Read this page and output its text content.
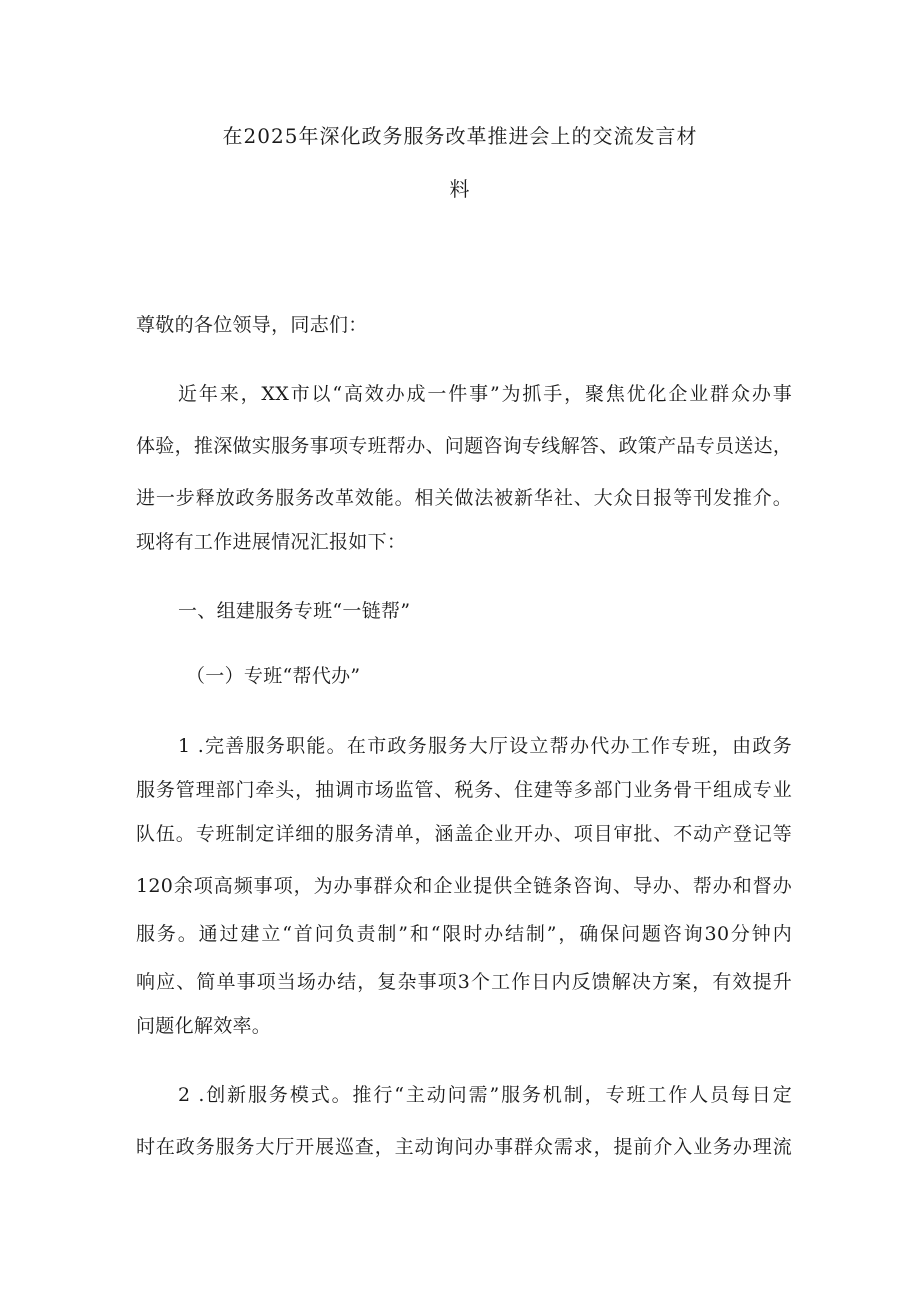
在2025年深化政务服务改革推进会上的交流发言材
料
尊敬的各位领导，同志们：
近年来，XX市以“高效办成一件事”为抓手，聚焦优化企业群众办事
体验，推深做实服务事项专班帮办、问题咨询专线解答、政策产品专员送达，
进一步释放政务服务改革效能。相关做法被新华社、大众日报等刊发推介。
现将有工作进展情况汇报如下：
一、组建服务专班“一链帮”
（一）专班“帮代办”
1 .完善服务职能。在市政务服务大厅设立帮办代办工作专班，由政务
服务管理部门牵头，抽调市场监管、税务、住建等多部门业务骨干组成专业
队伍。专班制定详细的服务清单，涵盖企业开办、项目审批、不动产登记等
120余项高频事项，为办事群众和企业提供全链条咨询、导办、帮办和督办
服务。通过建立“首问负责制”和“限时办结制”，确保问题咨询30分钟内
响应、简单事项当场办结，复杂事项3个工作日内反馈解决方案，有效提升
问题化解效率。
2 .创新服务模式。推行“主动问需”服务机制，专班工作人员每日定
时在政务服务大厅开展巡查，主动询问办事群众需求，提前介入业务办理流
